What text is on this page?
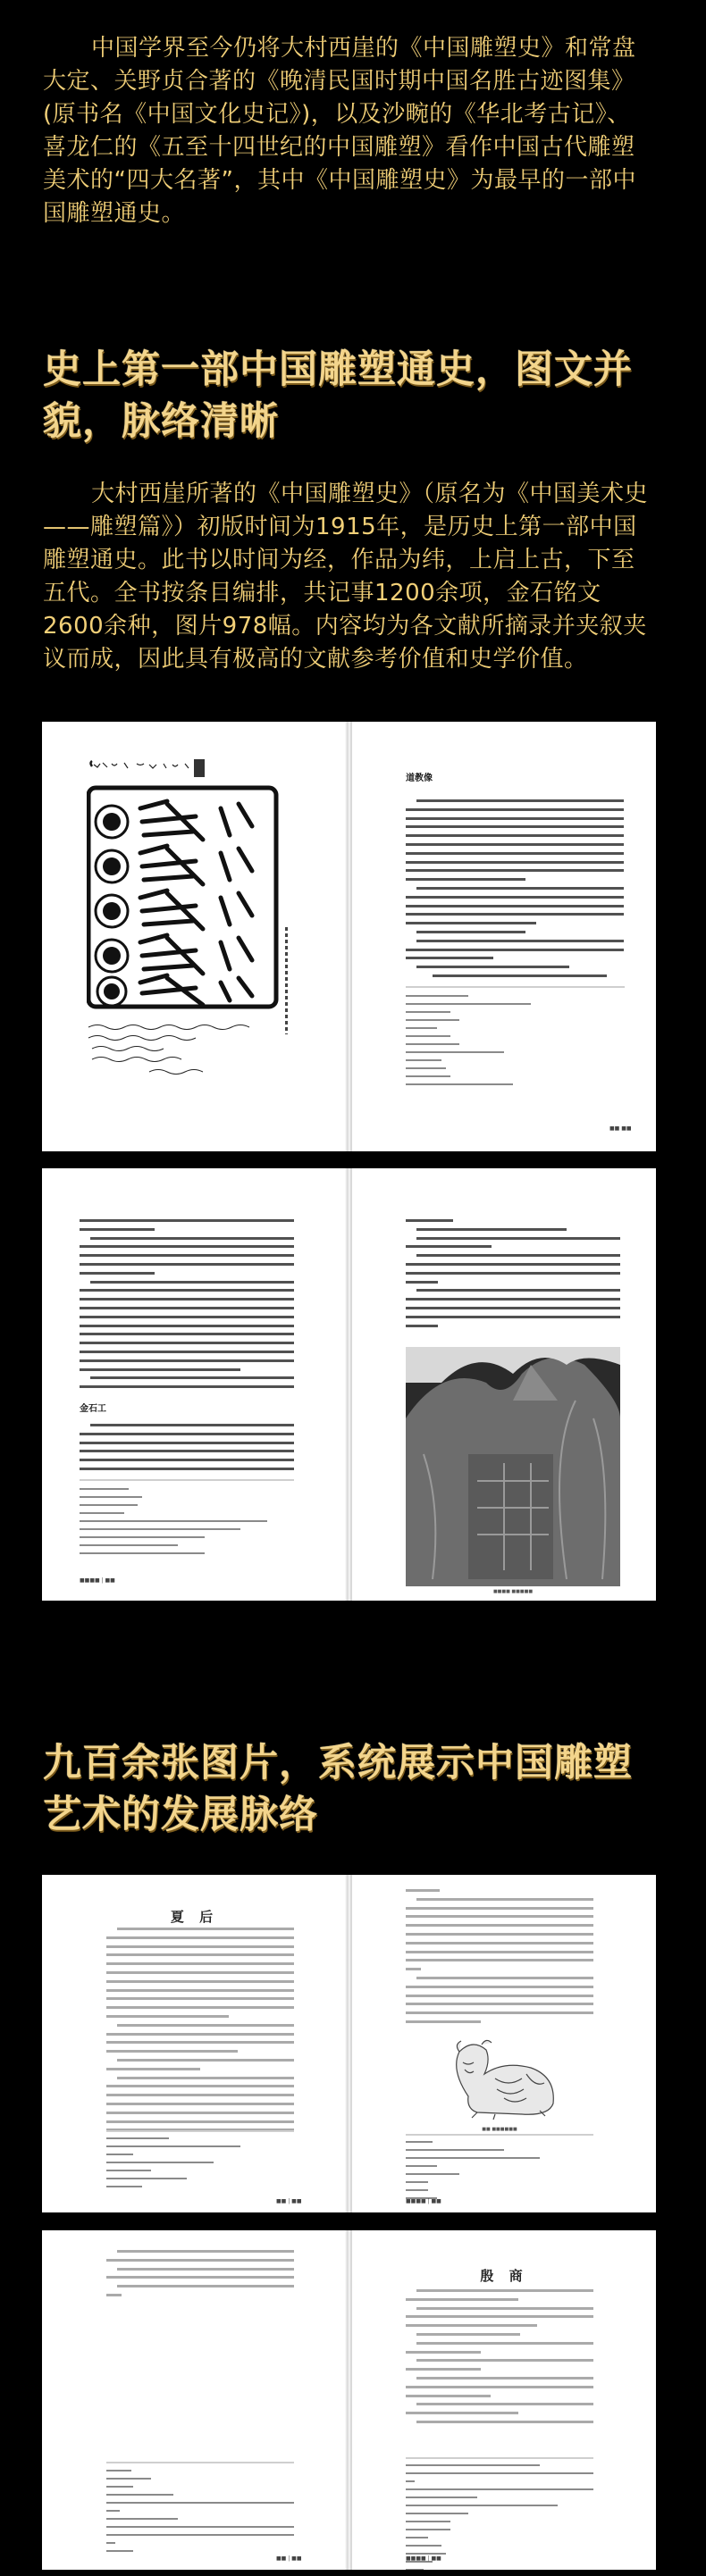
中国学界至今仍将大村西崖的《中国雕塑史》和常盘大定、关野贞合著的《晚清民国时期中国名胜古迹图集》(原书名《中国文化史记》)，以及沙畹的《华北考古记》、喜龙仁的《五至十四世纪的中国雕塑》看作中国古代雕塑美术的“四大名著”，其中《中国雕塑史》为最早的一部中国雕塑通史。

史上第一部中国雕塑通史，图文并貌，脉络清晰

大村西崖所著的《中国雕塑史》（原名为《中国美术史——雕塑篇》）初版时间为1915年，是历史上第一部中国雕塑通史。此书以时间为经，作品为纬，上启上古，下至五代。全书按条目编排，共记事1200余项，金石铭文2600余种，图片978幅。内容均为各文献所摘录并夹叙夹议而成，因此具有极高的文献参考价值和史学价值。

道教像
■■ ■■
金石工
■■■■ | ■■
■■■■ ■■■■■
九百余张图片，系统展示中国雕塑艺术的发展脉络
夏 后
■■ | ■■
■■ ■■■■■■
■■■■ | ■■
■■ | ■■
殷 商
■■■■ | ■■
